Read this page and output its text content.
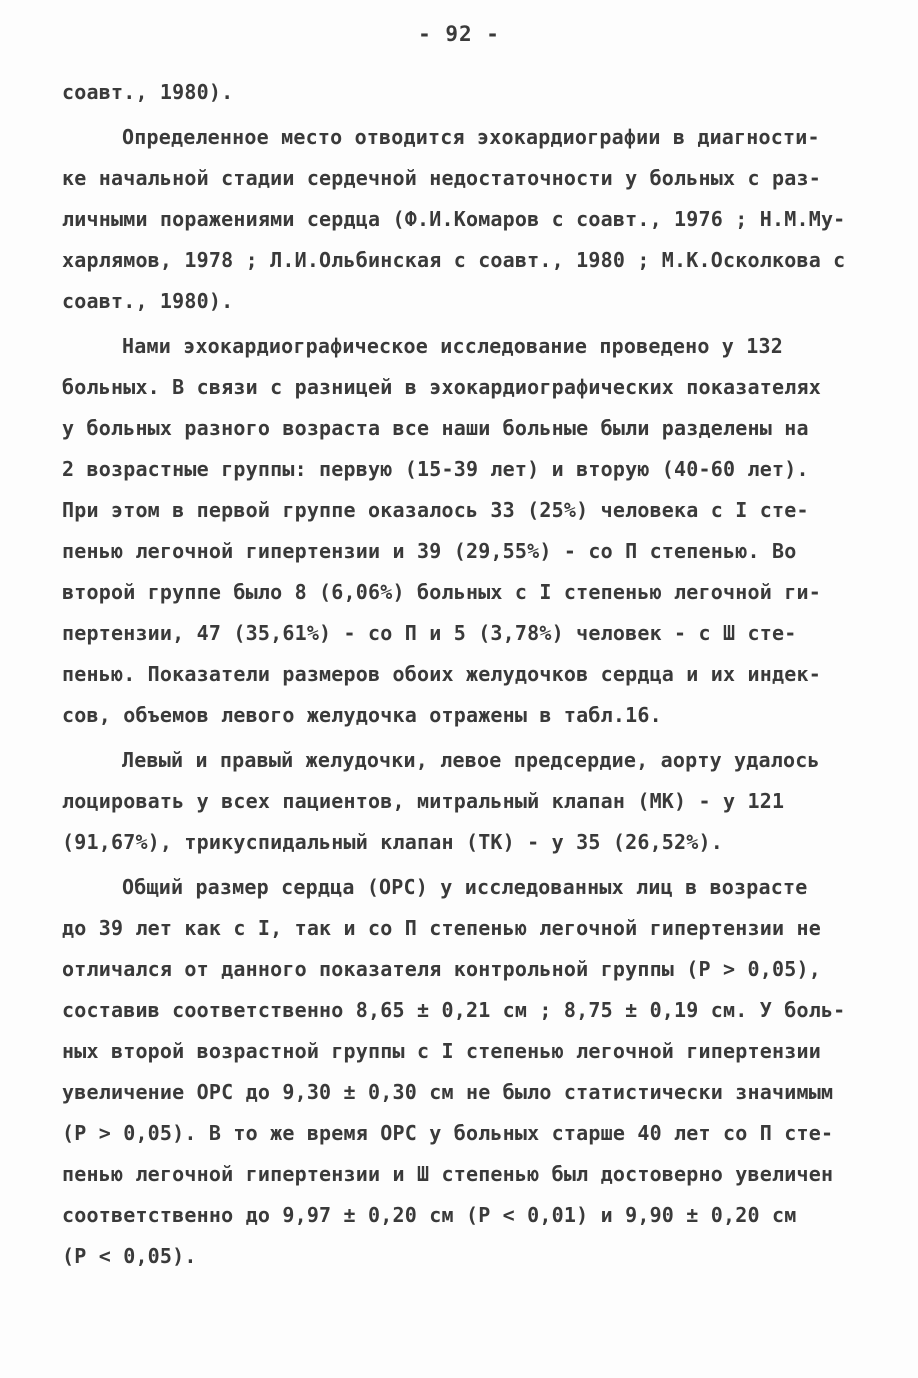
- 92 -
соавт., 1980).
Определенное место отводится эхокардиографии в диагности-
ке начальной стадии сердечной недостаточности у больных с раз-
личными поражениями сердца (Ф.И.Комаров с соавт., 1976 ; Н.М.Му-
харлямов, 1978 ; Л.И.Ольбинская с соавт., 1980 ; М.К.Осколкова с
соавт., 1980).
Нами эхокардиографическое исследование проведено у 132
больных. В связи с разницей в эхокардиографических показателях
у больных разного возраста все наши больные были разделены на
2 возрастные группы: первую (15-39 лет) и вторую (40-60 лет).
При этом в первой группе оказалось 33 (25%) человека с I сте-
пенью легочной гипертензии и 39 (29,55%) - со П степенью. Во
второй группе было 8 (6,06%) больных с I степенью легочной ги-
пертензии, 47 (35,61%) - со П и 5 (3,78%) человек - с Ш сте-
пенью. Показатели размеров обоих желудочков сердца и их индек-
сов, объемов левого желудочка отражены в табл.16.
Левый и правый желудочки, левое предсердие, аорту удалось
лоцировать у всех пациентов, митральный клапан (МК) - у 121
(91,67%), трикуспидальный клапан (ТК) - у 35 (26,52%).
Общий размер сердца (ОРС) у исследованных лиц в возрасте
до 39 лет как с I, так и со П степенью легочной гипертензии не
отличался от данного показателя контрольной группы (Р > 0,05),
составив соответственно 8,65 ± 0,21 см ; 8,75 ± 0,19 см. У боль-
ных второй возрастной группы с I степенью легочной гипертензии
увеличение ОРС до 9,30 ± 0,30 см не было статистически значимым
(Р > 0,05). В то же время ОРС у больных старше 40 лет со П сте-
пенью легочной гипертензии и Ш степенью был достоверно увеличен
соответственно до 9,97 ± 0,20 см (Р < 0,01) и 9,90 ± 0,20 см
(Р < 0,05).
